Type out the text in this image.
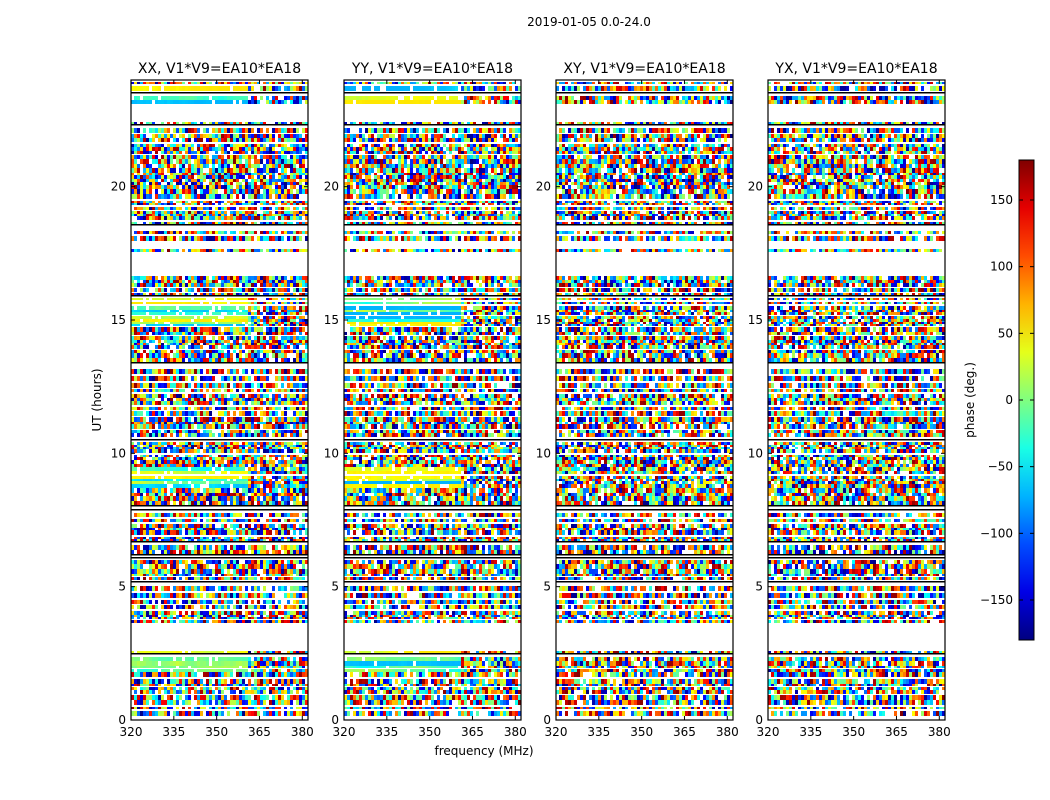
2019-01-05 0.0-24.0
XX, V1*V9=EA10*EA18
320 335 350 365 380
0
5
10
15
20
YY, V1*V9=EA10*EA18
320 335 350 365 380
0
5
10
15
20
XY, V1*V9=EA10*EA18
320 335 350 365 380
0
5
10
15
20
YX, V1*V9=EA10*EA18
320 335 350 365 380
0
5
10
15
20
frequency (MHz)
UT (hours)
150
100
50
0
−50
−100
−150
phase (deg.)
